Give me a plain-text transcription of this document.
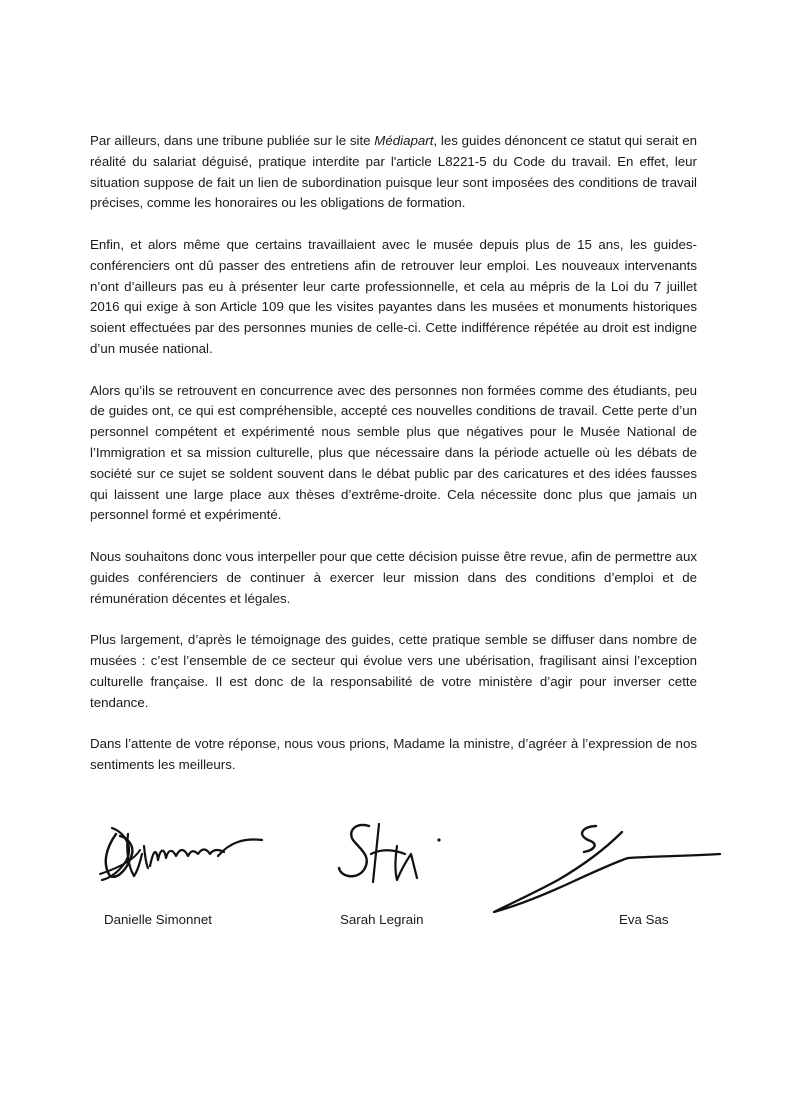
Par ailleurs, dans une tribune publiée sur le site Médiapart, les guides dénoncent ce statut qui serait en réalité du salariat déguisé, pratique interdite par l'article L8221-5 du Code du travail. En effet, leur situation suppose de fait un lien de subordination puisque leur sont imposées des conditions de travail précises, comme les honoraires ou les obligations de formation.

Enfin, et alors même que certains travaillaient avec le musée depuis plus de 15 ans, les guides-conférenciers ont dû passer des entretiens afin de retrouver leur emploi. Les nouveaux intervenants n’ont d’ailleurs pas eu à présenter leur carte professionnelle, et cela au mépris de la Loi du 7 juillet 2016 qui exige à son Article 109 que les visites payantes dans les musées et monuments historiques soient effectuées par des personnes munies de celle-ci. Cette indifférence répétée au droit est indigne d’un musée national.

Alors qu’ils se retrouvent en concurrence avec des personnes non formées comme des étudiants, peu de guides ont, ce qui est compréhensible, accepté ces nouvelles conditions de travail. Cette perte d’un personnel compétent et expérimenté nous semble plus que négatives pour le Musée National de l’Immigration et sa mission culturelle, plus que nécessaire dans la période actuelle où les débats de société sur ce sujet se soldent souvent dans le débat public par des caricatures et des idées fausses qui laissent une large place aux thèses d’extrême-droite. Cela nécessite donc plus que jamais un personnel formé et expérimenté.

Nous souhaitons donc vous interpeller pour que cette décision puisse être revue, afin de permettre aux guides conférenciers de continuer à exercer leur mission dans des conditions d’emploi et de rémunération décentes et légales.

Plus largement, d’après le témoignage des guides, cette pratique semble se diffuser dans nombre de musées : c’est l’ensemble de ce secteur qui évolue vers une ubérisation, fragilisant ainsi l’exception culturelle française. Il est donc de la responsabilité de votre ministère d’agir pour inverser cette tendance.

Dans l’attente de votre réponse, nous vous prions, Madame la ministre, d’agréer à l’expression de nos sentiments les meilleurs.

Danielle Simonnet	Sarah Legrain	Eva Sas
